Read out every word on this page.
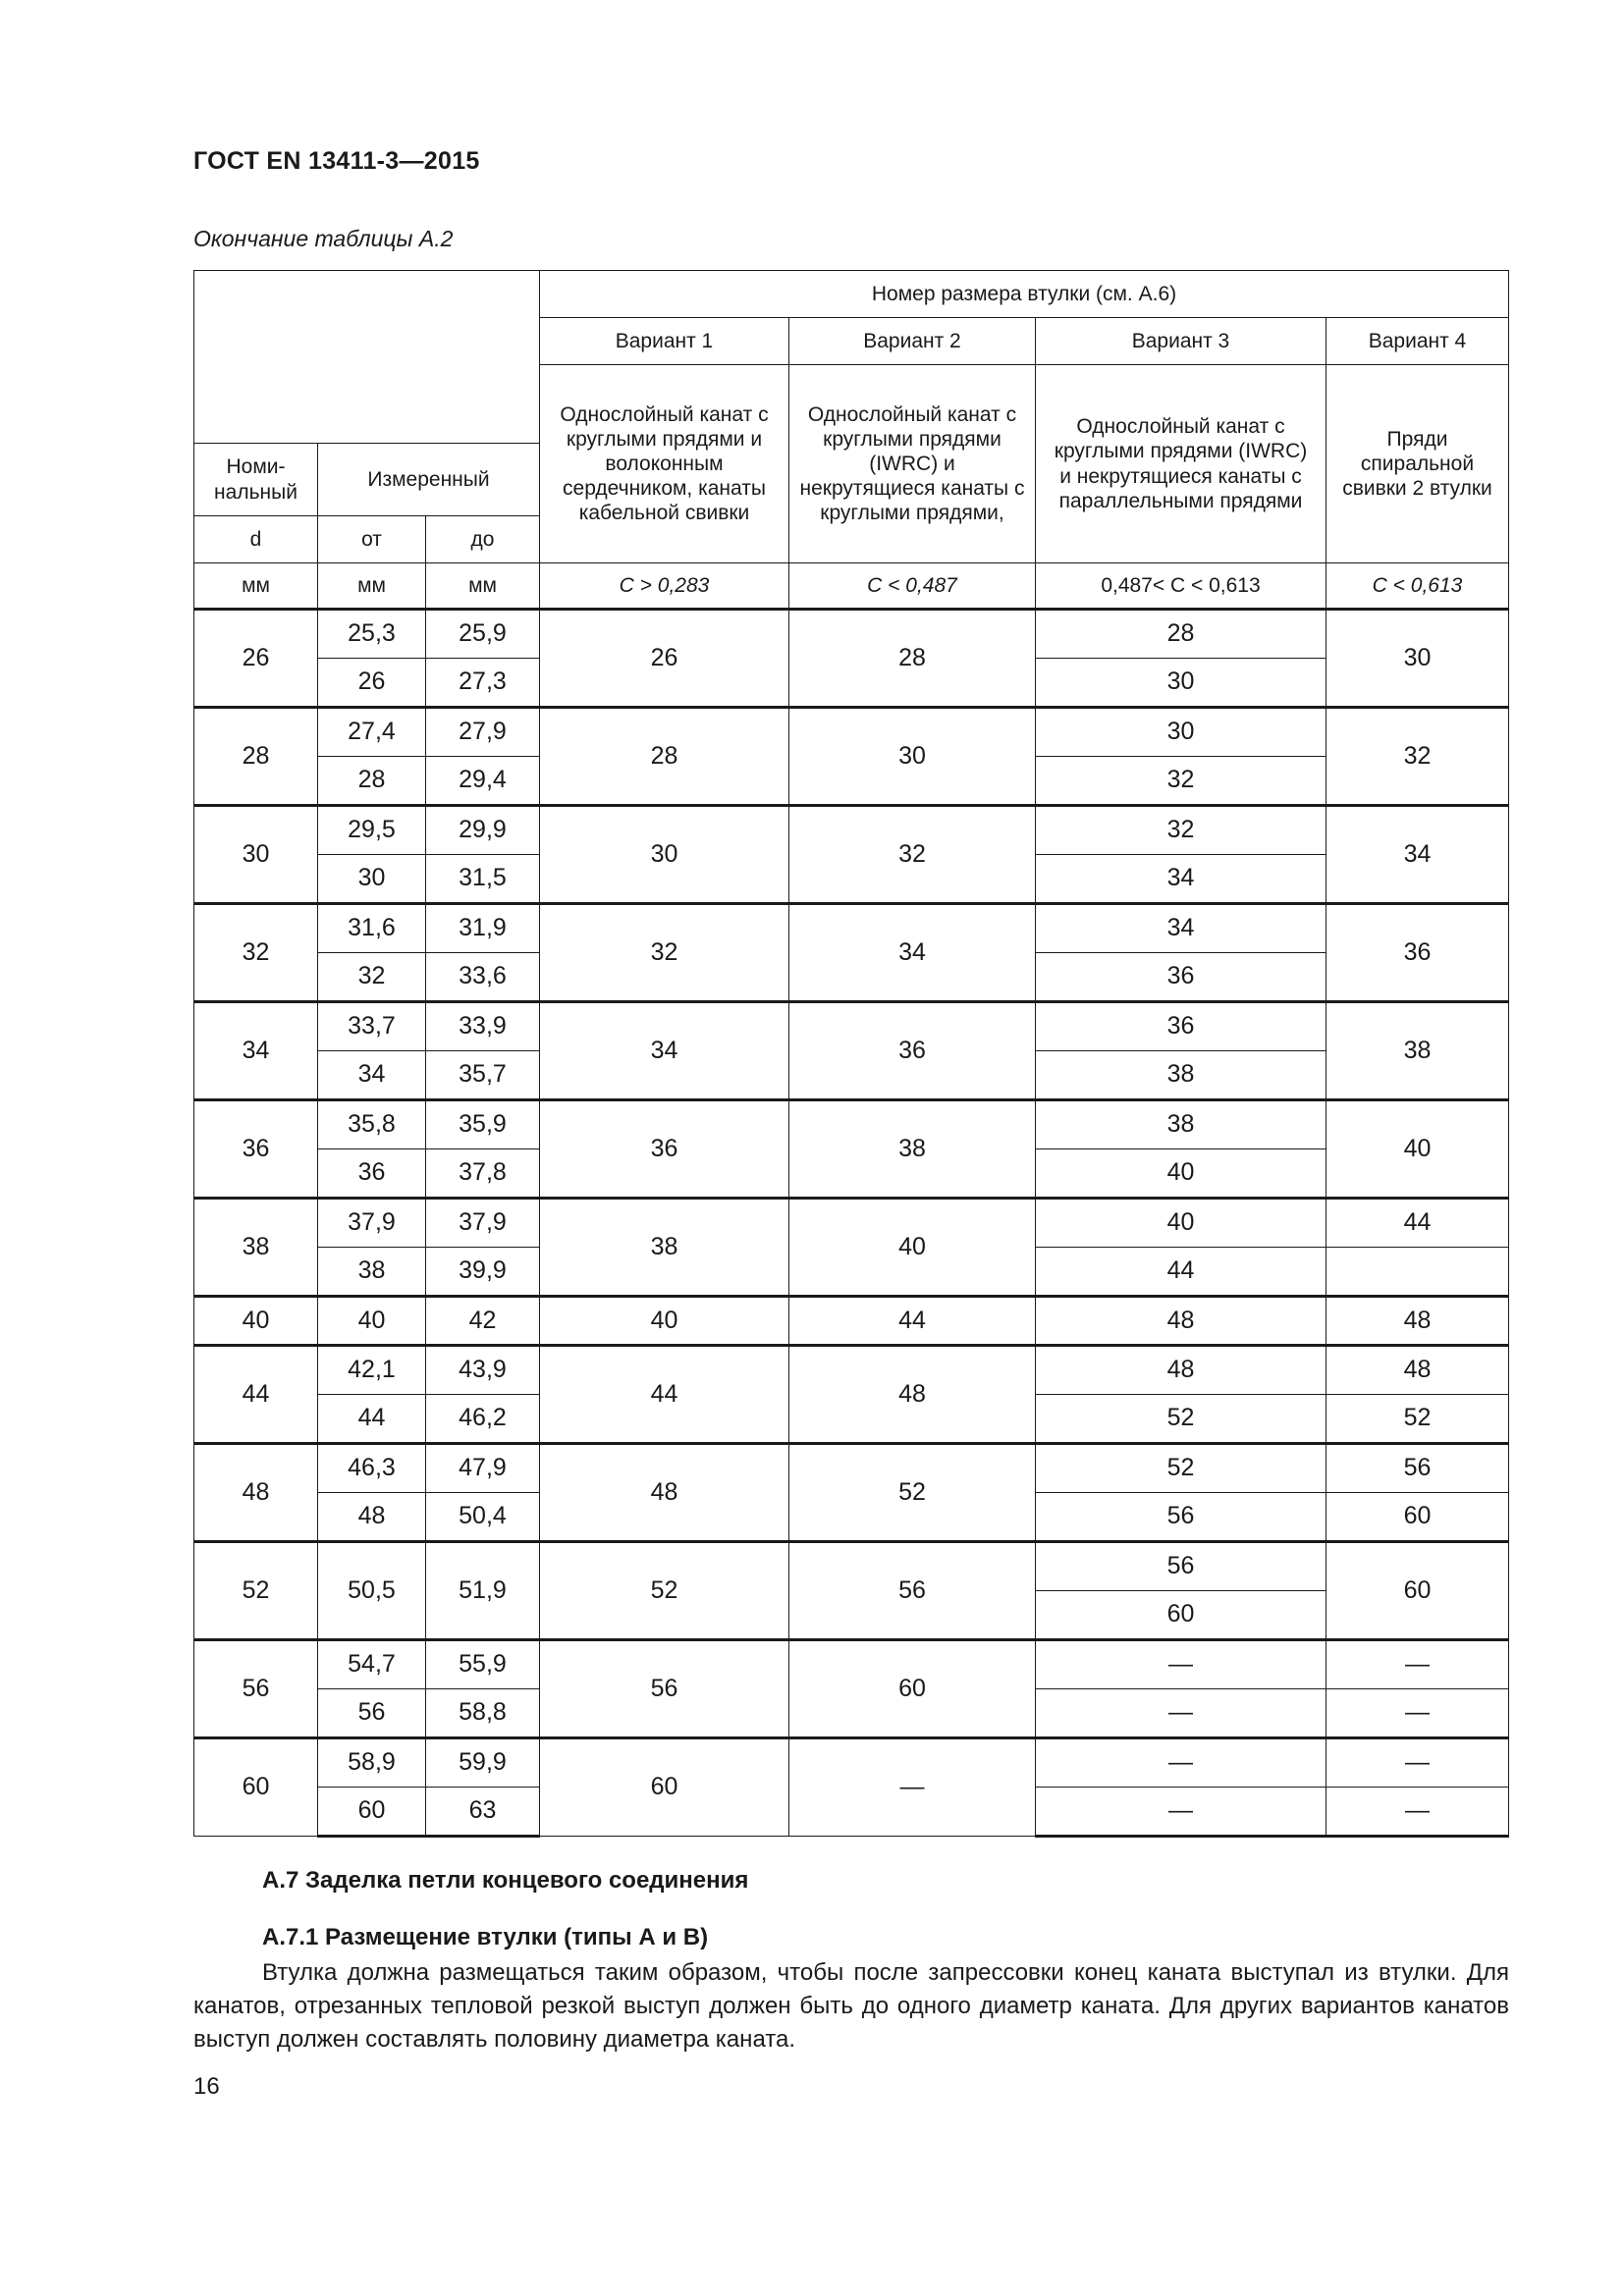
ГОСТ EN 13411-3—2015
Окончание таблицы А.2
			Номер размера втулки (см. А.6)			
			Вариант 1	Вариант 2	Вариант 3	Вариант 4
			Однослойный канат с круглыми прядями и волоконным сердечником, канаты кабельной свивки	Однослойный канат с круглыми прядями (IWRC) и некрутящиеся канаты с круглыми прядями,	Однослойный канат с круглыми прядями (IWRC) и некрутящиеся канаты с параллельными прядями	Пряди спиральной свивки 2 втулки
Номи-нальный	Измеренный					
d	от	до				
мм	мм	мм	C > 0,283	C < 0,487	0,487< C < 0,613	C < 0,613
26	25,3	25,9	26	28	28	30
	26	27,3			30	
28	27,4	27,9	28	30	30	32
	28	29,4			32	
30	29,5	29,9	30	32	32	34
	30	31,5			34	
32	31,6	31,9	32	34	34	36
	32	33,6			36	
34	33,7	33,9	34	36	36	38
	34	35,7			38	
36	35,8	35,9	36	38	38	40
	36	37,8			40	
38	37,9	37,9	38	40	40	44
	38	39,9			44	
40	40	42	40	44	48	48
44	42,1	43,9	44	48	48	48
	44	46,2			52	52
48	46,3	47,9	48	52	52	56
	48	50,4			56	60
52	50,5	51,9	52	56	56	60
					60	
56	54,7	55,9	56	60	—	—
	56	58,8			—	—
60	58,9	59,9	60	—	—	—
	60	63			—	—
А.7 Заделка петли концевого соединения
А.7.1 Размещение втулки (типы А и В)
Втулка должна размещаться таким образом, чтобы после запрессовки конец каната выступал из втулки. Для канатов, отрезанных тепловой резкой выступ должен быть до одного диаметр каната. Для других вариантов канатов выступ должен составлять половину диаметра каната.
16
